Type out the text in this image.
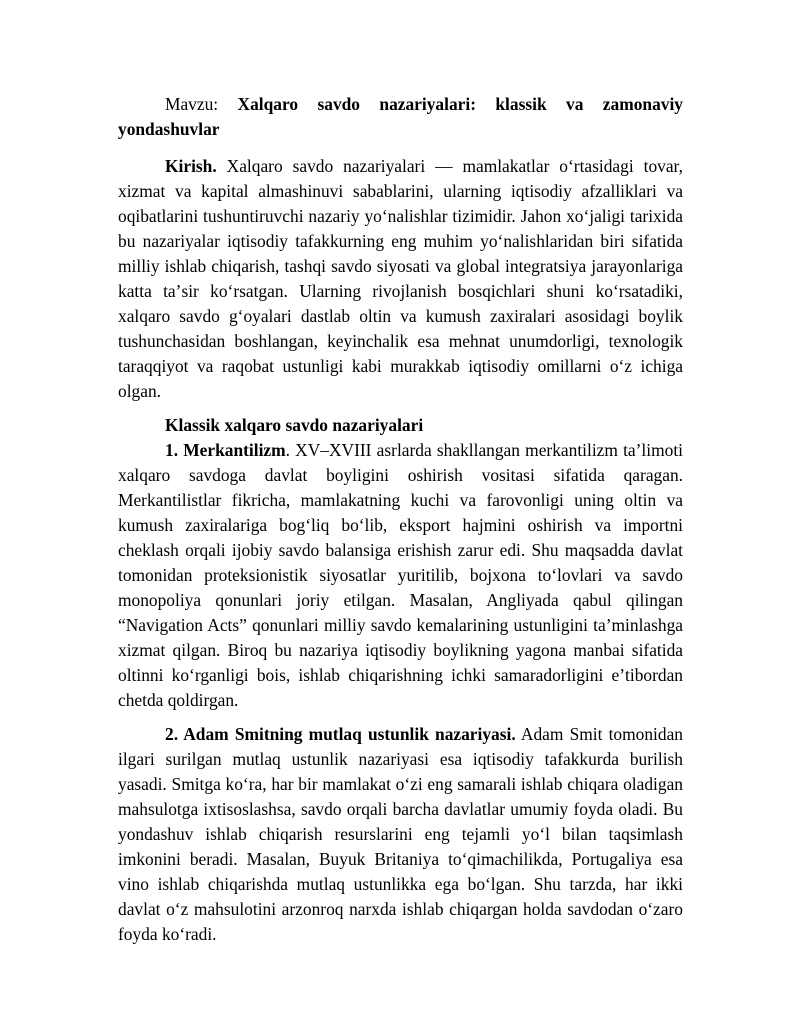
Mavzu: Xalqaro savdo nazariyalari: klassik va zamonaviy yondashuvlar

Kirish. Xalqaro savdo nazariyalari — mamlakatlar oʻrtasidagi tovar, xizmat va kapital almashinuvi sabablarini, ularning iqtisodiy afzalliklari va oqibatlarini tushuntiruvchi nazariy yoʻnalishlar tizimidir. Jahon xoʻjaligi tarixida bu nazariyalar iqtisodiy tafakkurning eng muhim yoʻnalishlaridan biri sifatida milliy ishlab chiqarish, tashqi savdo siyosati va global integratsiya jarayonlariga katta taʼsir koʻrsatgan. Ularning rivojlanish bosqichlari shuni koʻrsatadiki, xalqaro savdo gʻoyalari dastlab oltin va kumush zaxiralari asosidagi boylik tushunchasidan boshlangan, keyinchalik esa mehnat unumdorligi, texnologik taraqqiyot va raqobat ustunligi kabi murakkab iqtisodiy omillarni oʻz ichiga olgan.

Klassik xalqaro savdo nazariyalari

1. Merkantilizm. XV–XVIII asrlarda shakllangan merkantilizm taʼlimoti xalqaro savdoga davlat boyligini oshirish vositasi sifatida qaragan. Merkantilistlar fikricha, mamlakatning kuchi va farovonligi uning oltin va kumush zaxiralariga bogʻliq boʻlib, eksport hajmini oshirish va importni cheklash orqali ijobiy savdo balansiga erishish zarur edi. Shu maqsadda davlat tomonidan proteksionistik siyosatlar yuritilib, bojxona toʻlovlari va savdo monopoliya qonunlari joriy etilgan. Masalan, Angliyada qabul qilingan “Navigation Acts” qonunlari milliy savdo kemalarining ustunligini taʼminlashga xizmat qilgan. Biroq bu nazariya iqtisodiy boylikning yagona manbai sifatida oltinni koʻrganligi bois, ishlab chiqarishning ichki samaradorligini eʼtibordan chetda qoldirgan.

2. Adam Smitning mutlaq ustunlik nazariyasi. Adam Smit tomonidan ilgari surilgan mutlaq ustunlik nazariyasi esa iqtisodiy tafakkurda burilish yasadi. Smitga koʻra, har bir mamlakat oʻzi eng samarali ishlab chiqara oladigan mahsulotga ixtisoslashsa, savdo orqali barcha davlatlar umumiy foyda oladi. Bu yondashuv ishlab chiqarish resurslarini eng tejamli yoʻl bilan taqsimlash imkonini beradi. Masalan, Buyuk Britaniya toʻqimachilikda, Portugaliya esa vino ishlab chiqarishda mutlaq ustunlikka ega boʻlgan. Shu tarzda, har ikki davlat oʻz mahsulotini arzonroq narxda ishlab chiqargan holda savdodan oʻzaro foyda koʻradi.
